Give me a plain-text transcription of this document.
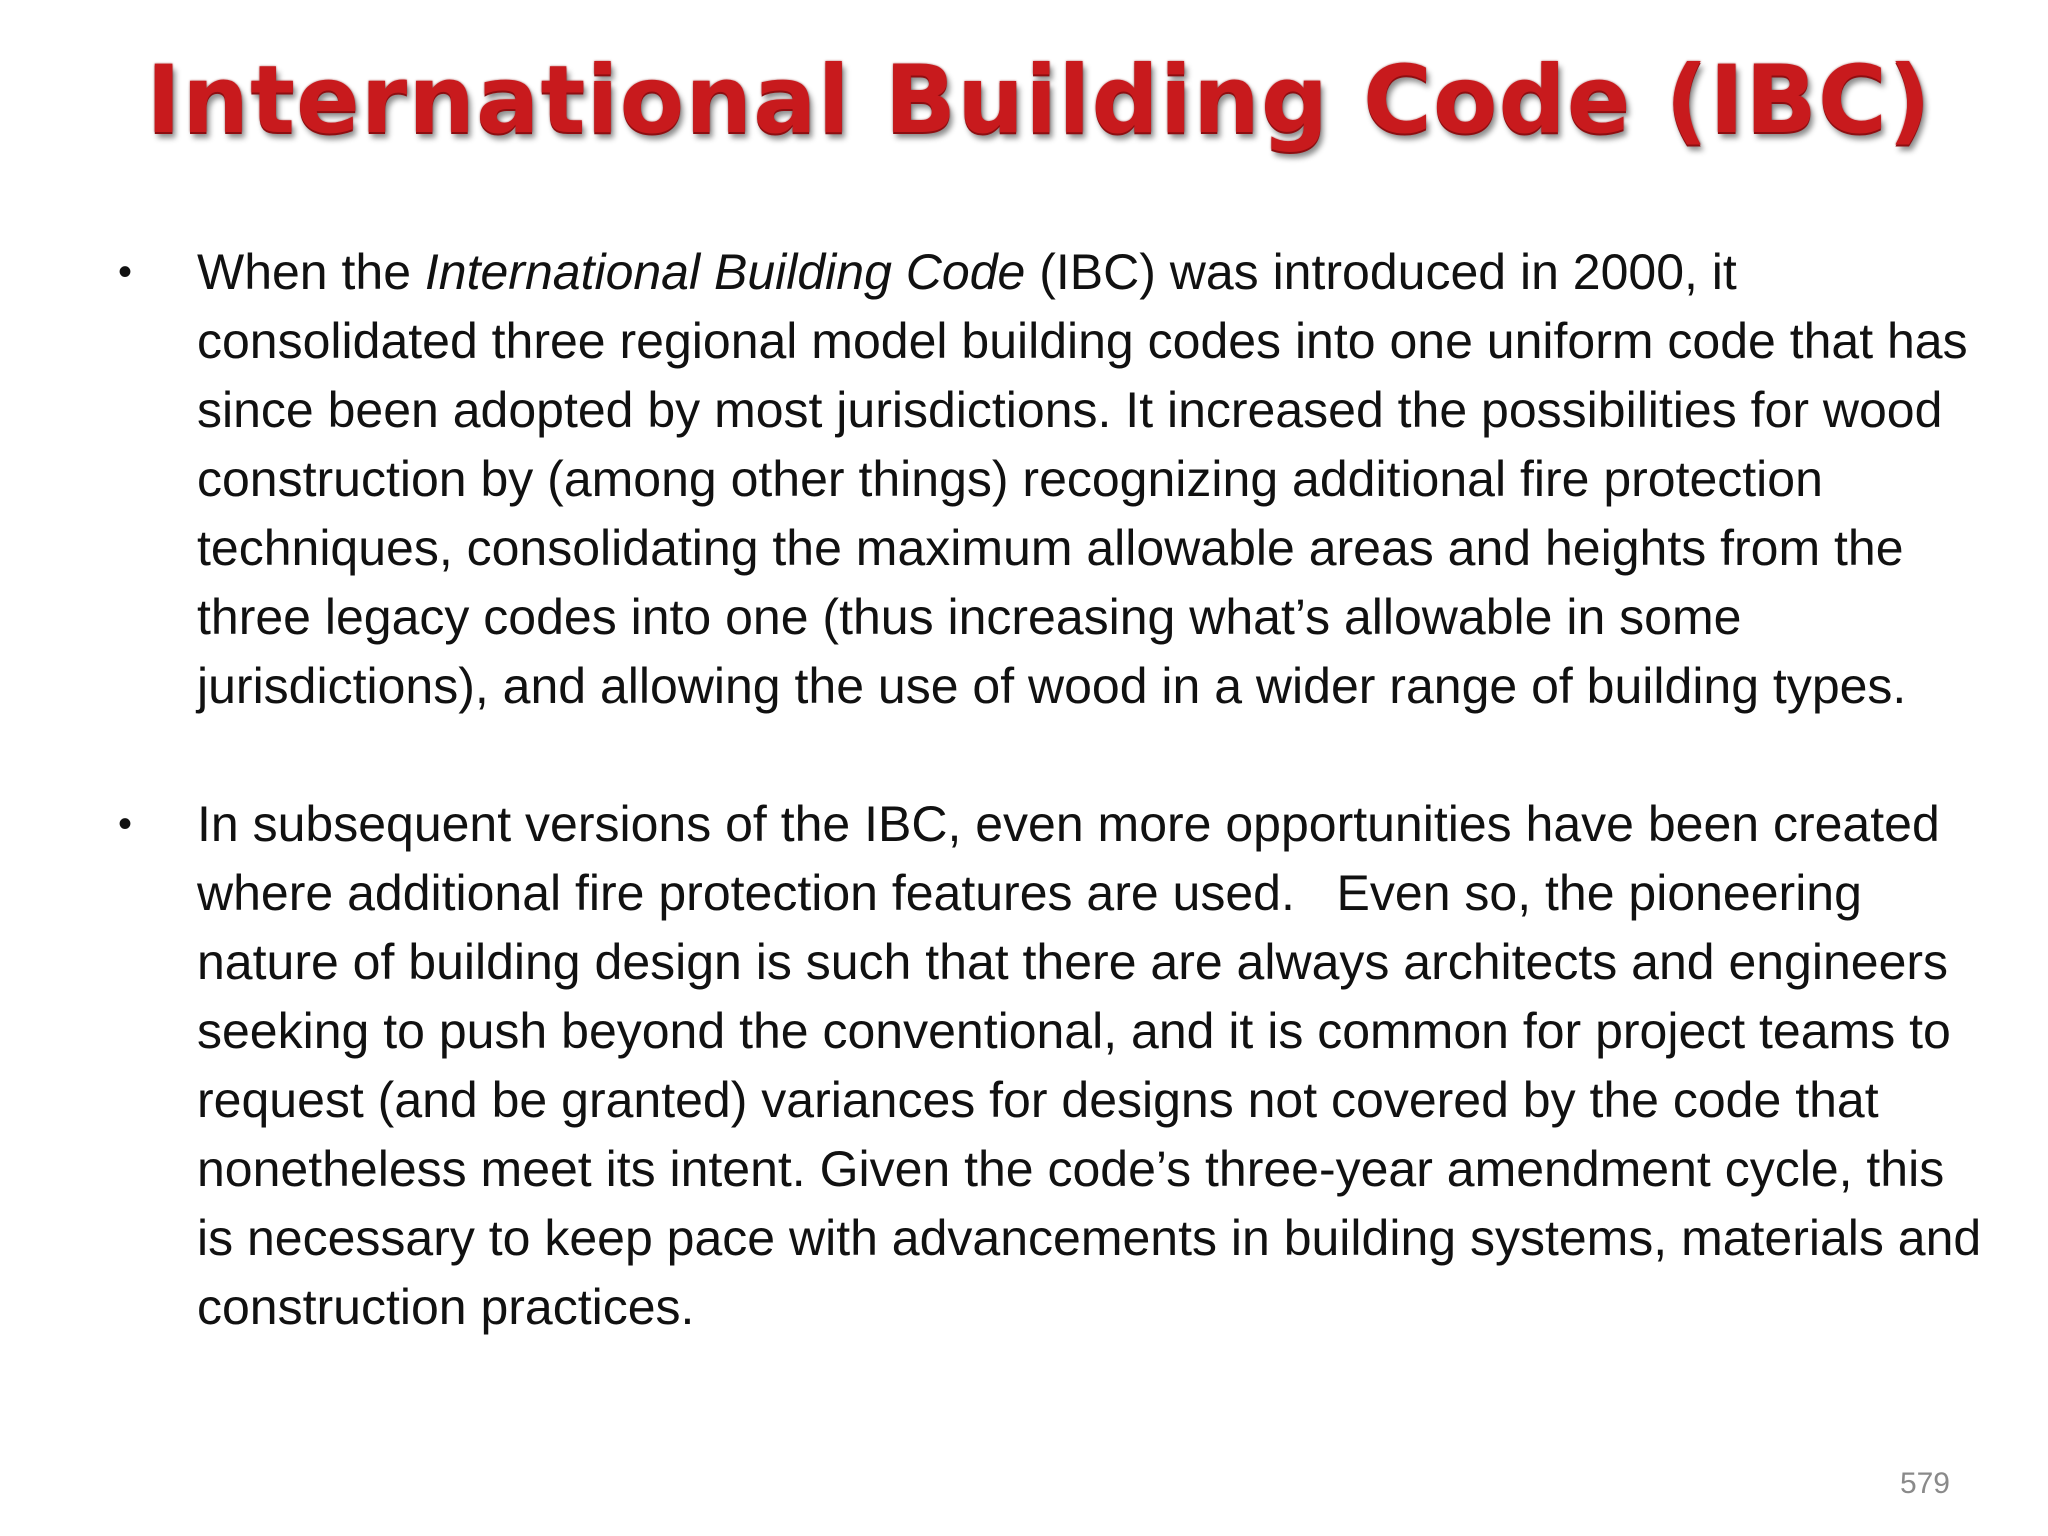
International Building Code (IBC)
• When the International Building Code (IBC) was introduced in 2000, it consolidated three regional model building codes into one uniform code that has since been adopted by most jurisdictions. It increased the possibilities for wood construction by (among other things) recognizing additional fire protection techniques, consolidating the maximum allowable areas and heights from the three legacy codes into one (thus increasing what’s allowable in some jurisdictions), and allowing the use of wood in a wider range of building types.
• In subsequent versions of the IBC, even more opportunities have been created where additional fire protection features are used.   Even so, the pioneering nature of building design is such that there are always architects and engineers seeking to push beyond the conventional, and it is common for project teams to request (and be granted) variances for designs not covered by the code that nonetheless meet its intent. Given the code’s three-year amendment cycle, this is necessary to keep pace with advancements in building systems, materials and construction practices.
579
